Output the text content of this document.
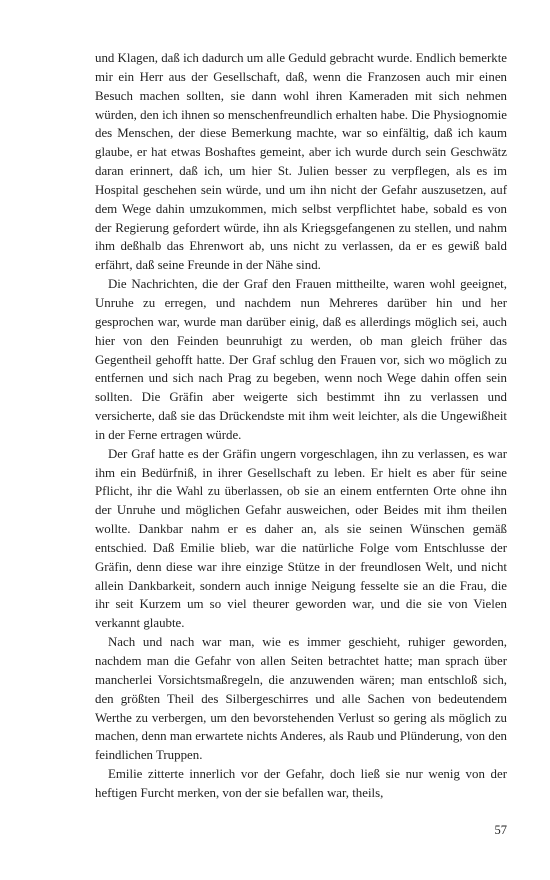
und Klagen, daß ich dadurch um alle Geduld gebracht wurde. Endlich bemerkte mir ein Herr aus der Gesellschaft, daß, wenn die Franzosen auch mir einen Besuch machen sollten, sie dann wohl ihren Kameraden mit sich nehmen würden, den ich ihnen so menschenfreundlich erhalten habe. Die Physiognomie des Menschen, der diese Bemerkung machte, war so einfältig, daß ich kaum glaube, er hat etwas Boshaftes gemeint, aber ich wurde durch sein Geschwätz daran erinnert, daß ich, um hier St. Julien besser zu verpflegen, als es im Hospital geschehen sein würde, und um ihn nicht der Gefahr auszusetzen, auf dem Wege dahin umzukommen, mich selbst verpflichtet habe, sobald es von der Regierung gefordert würde, ihn als Kriegsgefangenen zu stellen, und nahm ihm deßhalb das Ehrenwort ab, uns nicht zu verlassen, da er es gewiß bald erfährt, daß seine Freunde in der Nähe sind.

Die Nachrichten, die der Graf den Frauen mittheilte, waren wohl geeignet, Unruhe zu erregen, und nachdem nun Mehreres darüber hin und her gesprochen war, wurde man darüber einig, daß es allerdings möglich sei, auch hier von den Feinden beunruhigt zu werden, ob man gleich früher das Gegentheil gehofft hatte. Der Graf schlug den Frauen vor, sich wo möglich zu entfernen und sich nach Prag zu begeben, wenn noch Wege dahin offen sein sollten. Die Gräfin aber weigerte sich bestimmt ihn zu verlassen und versicherte, daß sie das Drückendste mit ihm weit leichter, als die Ungewißheit in der Ferne ertragen würde.

Der Graf hatte es der Gräfin ungern vorgeschlagen, ihn zu verlassen, es war ihm ein Bedürfniß, in ihrer Gesellschaft zu leben. Er hielt es aber für seine Pflicht, ihr die Wahl zu überlassen, ob sie an einem entfernten Orte ohne ihn der Unruhe und möglichen Gefahr ausweichen, oder Beides mit ihm theilen wollte. Dankbar nahm er es daher an, als sie seinen Wünschen gemäß entschied. Daß Emilie blieb, war die natürliche Folge vom Entschlusse der Gräfin, denn diese war ihre einzige Stütze in der freundlosen Welt, und nicht allein Dankbarkeit, sondern auch innige Neigung fesselte sie an die Frau, die ihr seit Kurzem um so viel theurer geworden war, und die sie von Vielen verkannt glaubte.

Nach und nach war man, wie es immer geschieht, ruhiger geworden, nachdem man die Gefahr von allen Seiten betrachtet hatte; man sprach über mancherlei Vorsichtsmaßregeln, die anzuwenden wären; man entschloß sich, den größten Theil des Silbergeschirres und alle Sachen von bedeutendem Werthe zu verbergen, um den bevorstehenden Verlust so gering als möglich zu machen, denn man erwartete nichts Anderes, als Raub und Plünderung, von den feindlichen Truppen.

Emilie zitterte innerlich vor der Gefahr, doch ließ sie nur wenig von der heftigen Furcht merken, von der sie befallen war, theils,

57
